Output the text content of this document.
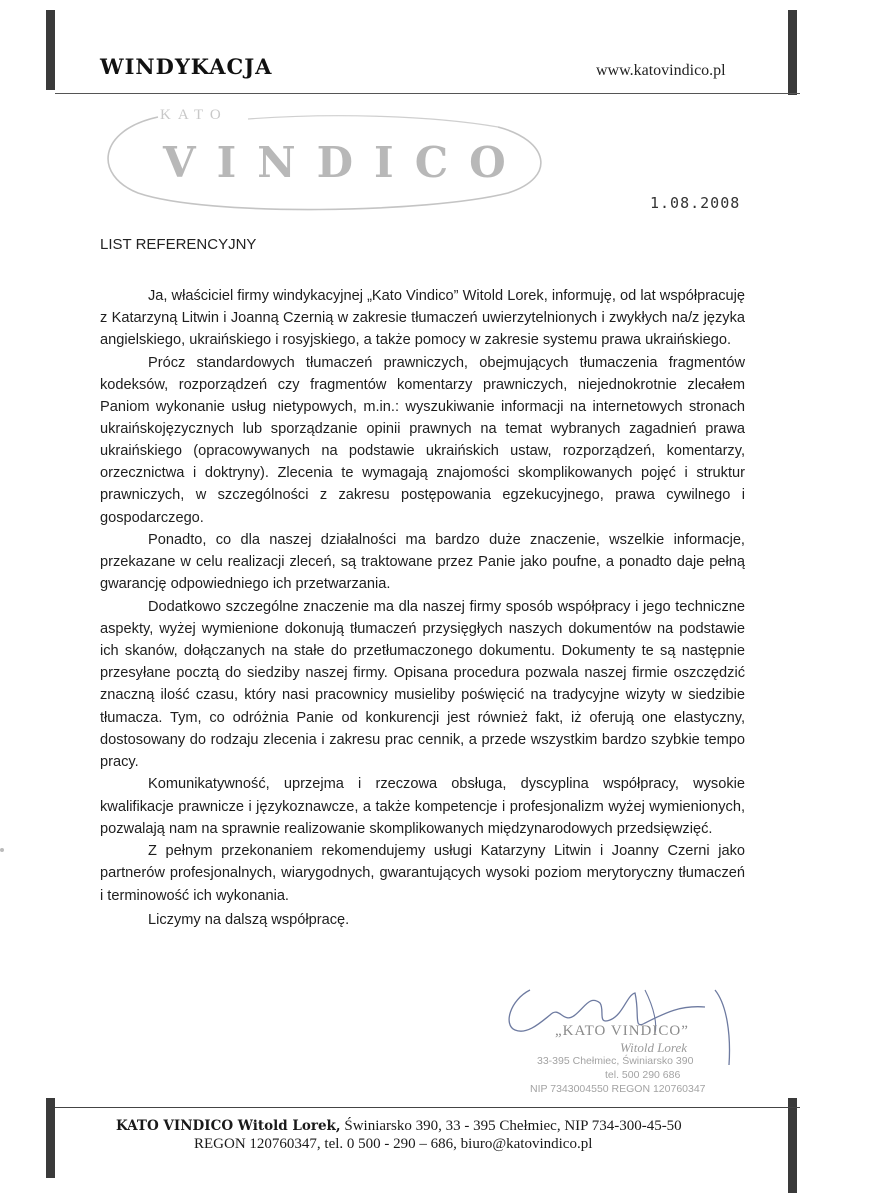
WINDYKACJA	www.katovindico.pl
KATO
VINDICO
1.08.2008
LIST REFERENCYJNY

Ja, właściciel firmy windykacyjnej „Kato Vindico” Witold Lorek, informuję, od lat współpracuję z Katarzyną Litwin i Joanną Czernią w zakresie tłumaczeń uwierzytelnionych i zwykłych na/z języka angielskiego, ukraińskiego i rosyjskiego, a także pomocy w zakresie systemu prawa ukraińskiego.

Prócz standardowych tłumaczeń prawniczych, obejmujących tłumaczenia fragmentów kodeksów, rozporządzeń czy fragmentów komentarzy prawniczych, niejednokrotnie zlecałem Paniom wykonanie usług nietypowych, m.in.: wyszukiwanie informacji na internetowych stronach ukraińskojęzycznych lub sporządzanie opinii prawnych na temat wybranych zagadnień prawa ukraińskiego (opracowywanych na podstawie ukraińskich ustaw, rozporządzeń, komentarzy, orzecznictwa i doktryny). Zlecenia te wymagają znajomości skomplikowanych pojęć i struktur prawniczych, w szczególności z zakresu postępowania egzekucyjnego, prawa cywilnego i gospodarczego.

Ponadto, co dla naszej działalności ma bardzo duże znaczenie, wszelkie informacje, przekazane w celu realizacji zleceń, są traktowane przez Panie jako poufne, a ponadto daje pełną gwarancję odpowiedniego ich przetwarzania.

Dodatkowo szczególne znaczenie ma dla naszej firmy sposób współpracy i jego techniczne aspekty, wyżej wymienione dokonują tłumaczeń przysięgłych naszych dokumentów na podstawie ich skanów, dołączanych na stałe do przetłumaczonego dokumentu. Dokumenty te są następnie przesyłane pocztą do siedziby naszej firmy. Opisana procedura pozwala naszej firmie oszczędzić znaczną ilość czasu, który nasi pracownicy musieliby poświęcić na tradycyjne wizyty w siedzibie tłumacza. Tym, co odróżnia Panie od konkurencji jest również fakt, iż oferują one elastyczny, dostosowany do rodzaju zlecenia i zakresu prac cennik, a przede wszystkim bardzo szybkie tempo pracy.

Komunikatywność, uprzejma i rzeczowa obsługa, dyscyplina współpracy, wysokie kwalifikacje prawnicze i językoznawcze, a także kompetencje i profesjonalizm wyżej wymienionych, pozwalają nam na sprawnie realizowanie skomplikowanych międzynarodowych przedsięwzięć.

Z pełnym przekonaniem rekomendujemy usługi Katarzyny Litwin i Joanny Czerni jako partnerów profesjonalnych, wiarygodnych, gwarantujących wysoki poziom merytoryczny tłumaczeń i terminowość ich wykonania.

Liczymy na dalszą współpracę.

„KATO VINDICO”
Witold Lorek
33-395 Chełmiec, Świniarsko 390
tel. 500 290 686
NIP 7343004550 REGON 120760347
KATO VINDICO Witold Lorek, Świniarsko 390, 33 - 395 Chełmiec, NIP 734-300-45-50
REGON 120760347, tel. 0 500 - 290 – 686, biuro@katovindico.pl
